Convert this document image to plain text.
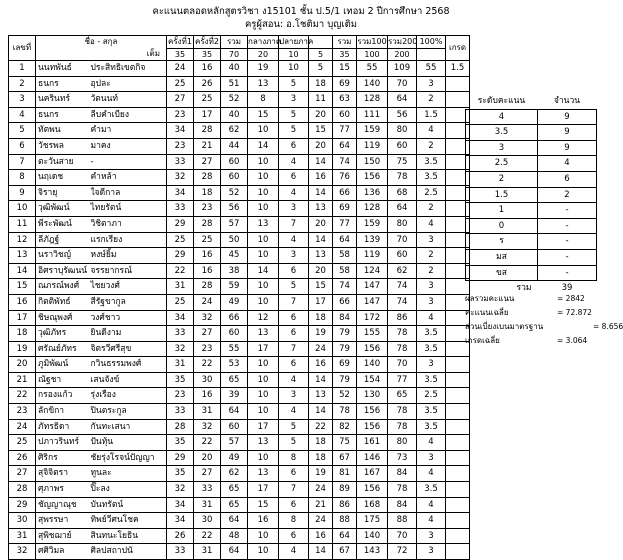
คะแนนตลอดหลักสูตรวิชา ง15101 ชั้น ป.5/1 เทอม 2 ปีการศึกษา 2568
ครูผู้สอน: อ.โชติมา บุญเติม
เลขที่	ชื่อ - สกุล		ครั้งที่1	ครั้งที่2	รวม	กลางภาค	ปลายภาค		รวม	รวม100	รวม200	100%	เกรด
	เต็ม		35	35	70	20	10	5	35	100	200		
1	นนทพันธ์	ประสิทธิเขตกิจ	24	16	40	19	10	5	15	55	109	55	1.5
2	ธนกร	อุปละ	25	26	51	13	5	18	69	140	70	3	
3	นครินทร์	วัตนนท์	27	25	52	8	3	11	63	128	64	2	
4	ธนกร	ลีบคำเบียง	23	17	40	15	5	20	60	111	56	1.5	
5	ทัตพน	คำมา	34	28	62	10	5	15	77	159	80	4	
6	วัชรพล	มาคง	23	21	44	14	6	20	64	119	60	2	
7	ตะวันสาย	-	33	27	60	10	4	14	74	150	75	3.5	
8	นฤเดช	คำหล้า	32	28	60	10	6	16	76	156	78	3.5	
9	จิรายุ	ใจดีกาล	34	18	52	10	4	14	66	136	68	2.5	
10	วุฒิพัฒน์	ไทยรัตน์	33	23	56	10	3	13	69	128	64	2	
11	พีระพัฒน์	วิชิตาภา	29	28	57	13	7	20	77	159	80	4	
12	ลีภัฎฐ์	แรกเรียง	25	25	50	10	4	14	64	139	70	3	
13	นราวิชญ์	หงษ์ยิ้ม	29	16	45	10	3	13	58	119	60	2	
14	อิศราบุรัฒนน์	จรรยากรณ์	22	16	38	14	6	20	58	124	62	2	
15	ณภรณ์พงศ์	ไชยวงศ์	31	28	59	10	5	15	74	147	74	3	
16	กิตติพัทธ์	สีรัฐขากูล	25	24	49	10	7	17	66	147	74	3	
17	ชิษณุพงศ์	วงศ์ชาว	34	32	66	12	6	18	84	172	86	4	
18	วุฒิภัทร	ยินดีงาม	33	27	60	13	6	19	79	155	78	3.5	
19	ศรัณย์ภัทร	จิตรวีศรีสุข	32	23	55	17	7	24	79	156	78	3.5	
20	ภูมิพัฒน์	กวินธรรมพงศ์	31	22	53	10	6	16	69	140	70	3	
21	ณัฐชา	เสนจังข์	35	30	65	10	4	14	79	154	77	3.5	
22	กรองแก้ว	รุ่งเรือง	23	16	39	10	3	13	52	130	65	2.5	
23	ลักขิกา	ปินตระกูล	33	31	64	10	4	14	78	156	78	3.5	
24	ภัทรธิดา	กันทะเสนา	28	32	60	17	5	22	82	156	78	3.5	
25	ปภาวรินทร์	ปันทุ้น	35	22	57	13	5	18	75	161	80	4	
26	ศิริกร	ชัยรุ่งโรจน์ปัญญา	29	20	49	10	8	18	67	146	73	3	
27	สุจิจิตรา	ทูนละ	35	27	62	13	6	19	81	167	84	4	
28	ศุภาพร	ปิ๊ะลง	32	33	65	17	7	24	89	156	78	3.5	
29	ชัญญาณุช	บันทรัตน์	34	31	65	15	6	21	86	168	84	4	
30	สุพรรษา	ทิพย์วีศนโชค	34	30	64	16	8	24	88	175	88	4	
31	สุพิชฌาย์	สินทนะโยธิน	26	22	48	10	6	16	64	140	70	3	
32	ศศิวิมล	ศิลปสถาปนั	33	31	64	10	4	14	67	143	72	3	
ระดับคะแนน	จำนวน
4	9
3.5	9
3	9
2.5	4
2	6
1.5	2
1	-
0	-
ร	-
มส	-
ขส	-
รวม	39
ผลรวมคะแนน	= 2842
คะแนนเฉลี่ย	= 72.872
ส่วนเบี่ยงเบนมาตรฐาน	= 8.656
เกรดเฉลี่ย	= 3.064
